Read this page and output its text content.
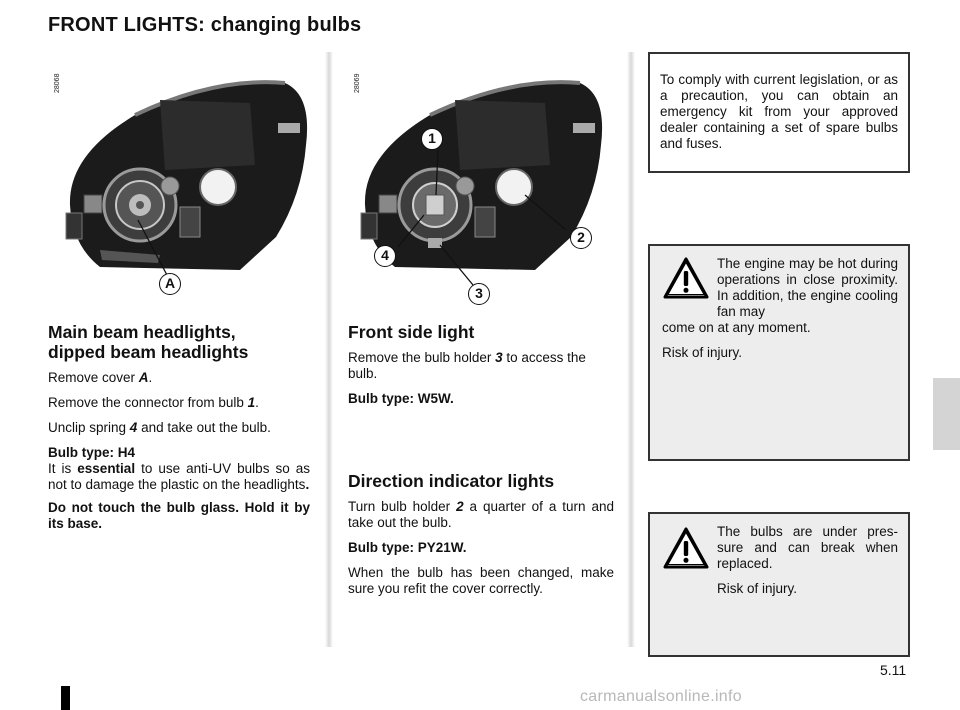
FRONT LIGHTS: changing bulbs
28068
A
28069
1
2
3
4
Main beam headlights,
dipped beam headlights

Remove cover A.

Remove the connector from bulb 1.

Unclip spring 4 and take out the bulb.

Bulb type: H4
It is essential to use anti-UV bulbs so as not to damage the plastic on the headlights.

Do not touch the bulb glass. Hold it by its base.

Front side light

Remove the bulb holder 3 to access the bulb.

Bulb type: W5W.

Direction indicator lights

Turn bulb holder 2 a quarter of a turn and take out the bulb.

Bulb type: PY21W.

When the bulb has been changed, make sure you refit the cover correctly.

To comply with current legislation, or as a precaution, you can obtain an emergency kit from your approved dealer containing a set of spare bulbs and fuses.

The engine may be hot during operations in close proximity. In addition, the engine cooling fan may

come on at any moment.

Risk of injury.

The bulbs are under pres-sure and can break when replaced.

Risk of injury.

5.11
carmanualsonline.info
